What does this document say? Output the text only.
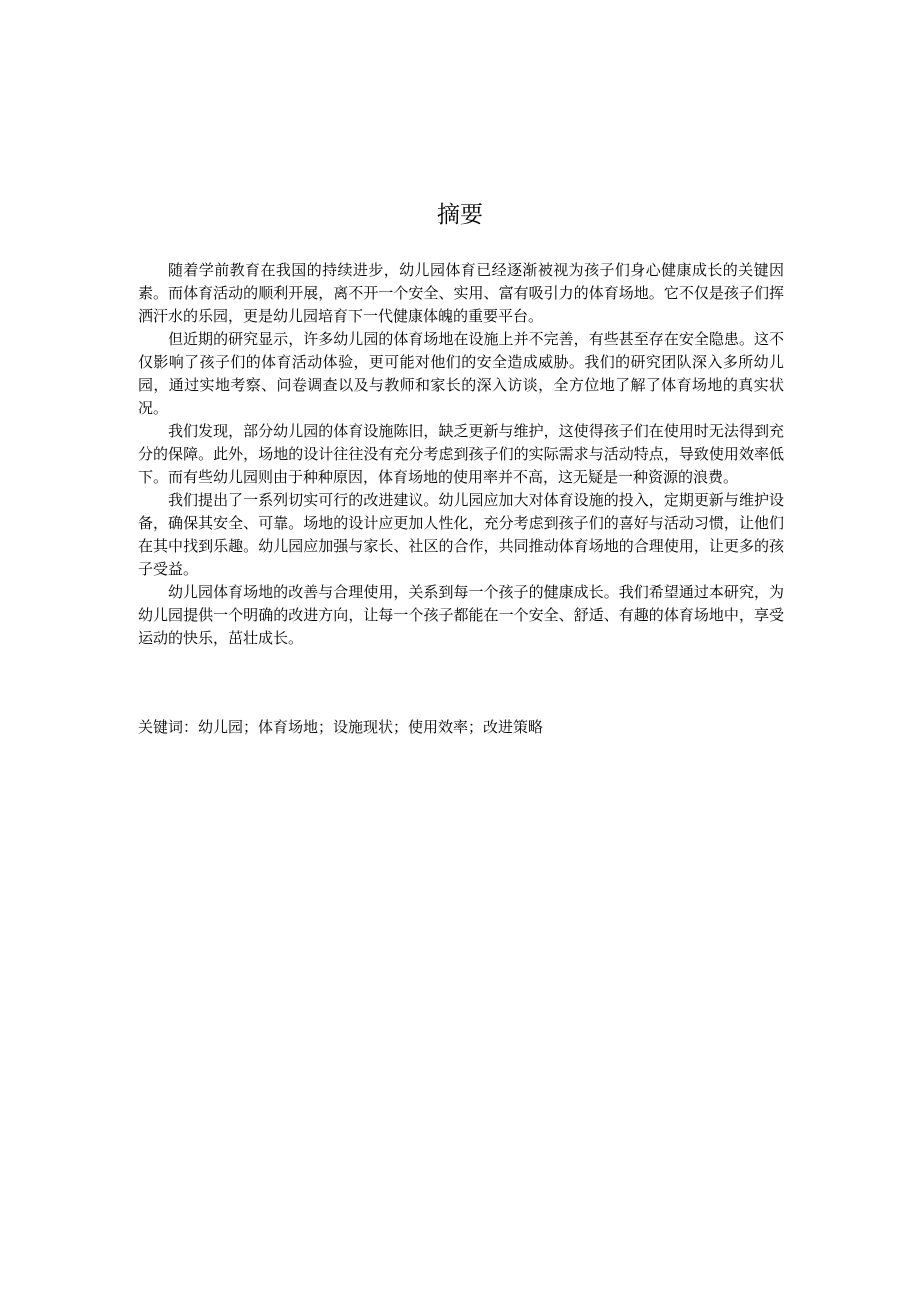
摘要

随着学前教育在我国的持续进步，幼儿园体育已经逐渐被视为孩子们身心健康成长的关键因素。而体育活动的顺利开展，离不开一个安全、实用、富有吸引力的体育场地。它不仅是孩子们挥洒汗水的乐园，更是幼儿园培育下一代健康体魄的重要平台。

但近期的研究显示，许多幼儿园的体育场地在设施上并不完善，有些甚至存在安全隐患。这不仅影响了孩子们的体育活动体验，更可能对他们的安全造成威胁。我们的研究团队深入多所幼儿园，通过实地考察、问卷调查以及与教师和家长的深入访谈，全方位地了解了体育场地的真实状况。

我们发现，部分幼儿园的体育设施陈旧，缺乏更新与维护，这使得孩子们在使用时无法得到充分的保障。此外，场地的设计往往没有充分考虑到孩子们的实际需求与活动特点，导致使用效率低下。而有些幼儿园则由于种种原因，体育场地的使用率并不高，这无疑是一种资源的浪费。

我们提出了一系列切实可行的改进建议。幼儿园应加大对体育设施的投入，定期更新与维护设备，确保其安全、可靠。场地的设计应更加人性化，充分考虑到孩子们的喜好与活动习惯，让他们在其中找到乐趣。幼儿园应加强与家长、社区的合作，共同推动体育场地的合理使用，让更多的孩子受益。

幼儿园体育场地的改善与合理使用，关系到每一个孩子的健康成长。我们希望通过本研究，为幼儿园提供一个明确的改进方向，让每一个孩子都能在一个安全、舒适、有趣的体育场地中，享受运动的快乐，茁壮成长。

关键词：幼儿园；体育场地；设施现状；使用效率；改进策略
